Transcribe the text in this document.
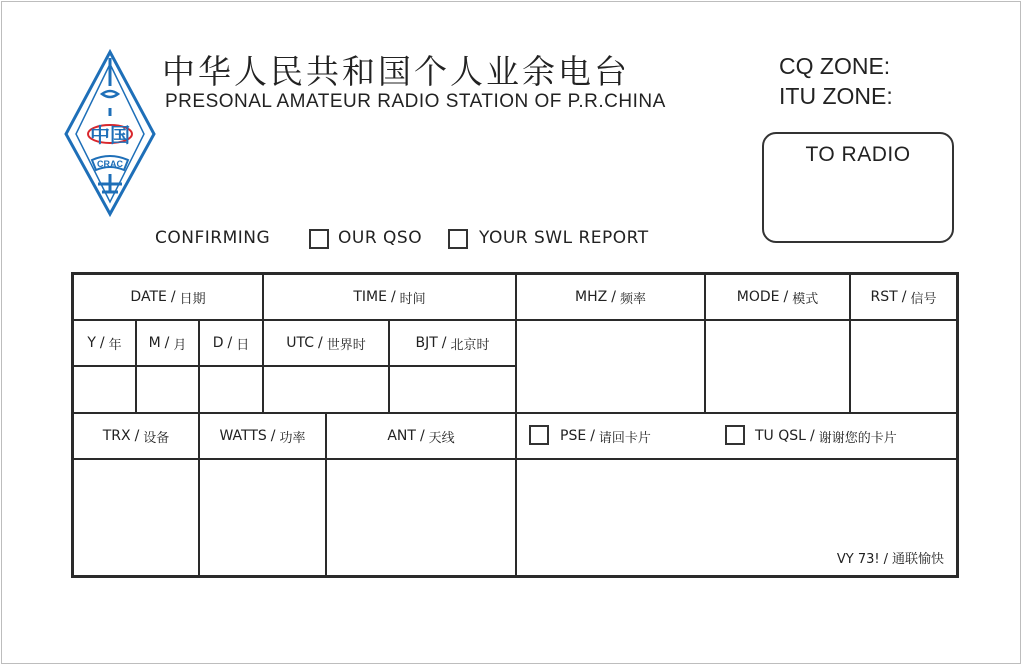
中国
CRAC
中华人民共和国个人业余电台
PRESONAL AMATEUR RADIO STATION OF P.R.CHINA
CQ ZONE:
ITU ZONE:
TO RADIO
CONFIRMING	OUR QSO	YOUR SWL REPORT
DATE / 日期	TIME / 时间	MHZ / 频率	MODE / 模式	RST / 信号
Y / 年 M / 月 D / 日	UTC / 世界时	BJT / 北京时
TRX / 设备	WATTS / 功率	ANT / 天线	PSE / 请回卡片	TU QSL / 谢谢您的卡片
VY 73! / 通联愉快
